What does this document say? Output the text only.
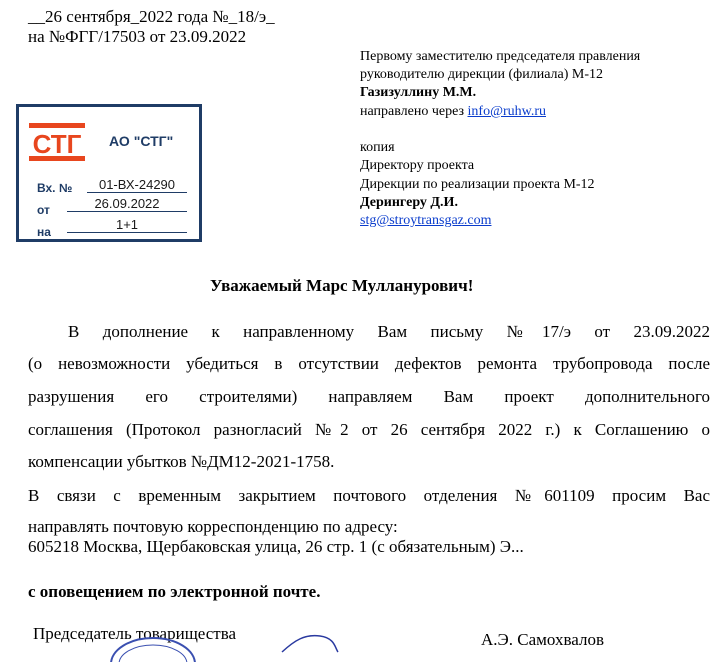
__26 сентября_2022 года №_18/э_
на №ФГГ/17503 от 23.09.2022
Первому заместителю председателя правления
руководителю дирекции (филиала) М-12
Газизуллину М.М.
направлено через info@ruhw.ru
копия
Директору проекта
Дирекции по реализации проекта М-12
Дерингеру Д.И.
stg@stroytransgaz.com
СТГ АО "СТГ"
Вх. №	01-ВХ-24290
от	26.09.2022
на	1+1
Уважаемый Марс Мулланурович!
В дополнение к направленному Вам письму №17/э от 23.09.2022
(о невозможности убедиться в отсутствии дефектов ремонта трубопровода после
разрушения его строителями) направляем Вам проект дополнительного
соглашения (Протокол разногласий №2 от 26 сентября 2022 г.) к Соглашению о
компенсации убытков №ДМ12-2021-1758.
В связи с временным закрытием почтового отделения №601109 просим Вас
направлять почтовую корреспонденцию по адресу:
605218 Москва, Щербаковская улица, 26 стр. 1 (с обязательным) Э...
с оповещением по электронной почте.
Председатель товарищества	А.Э. Самохвалов
